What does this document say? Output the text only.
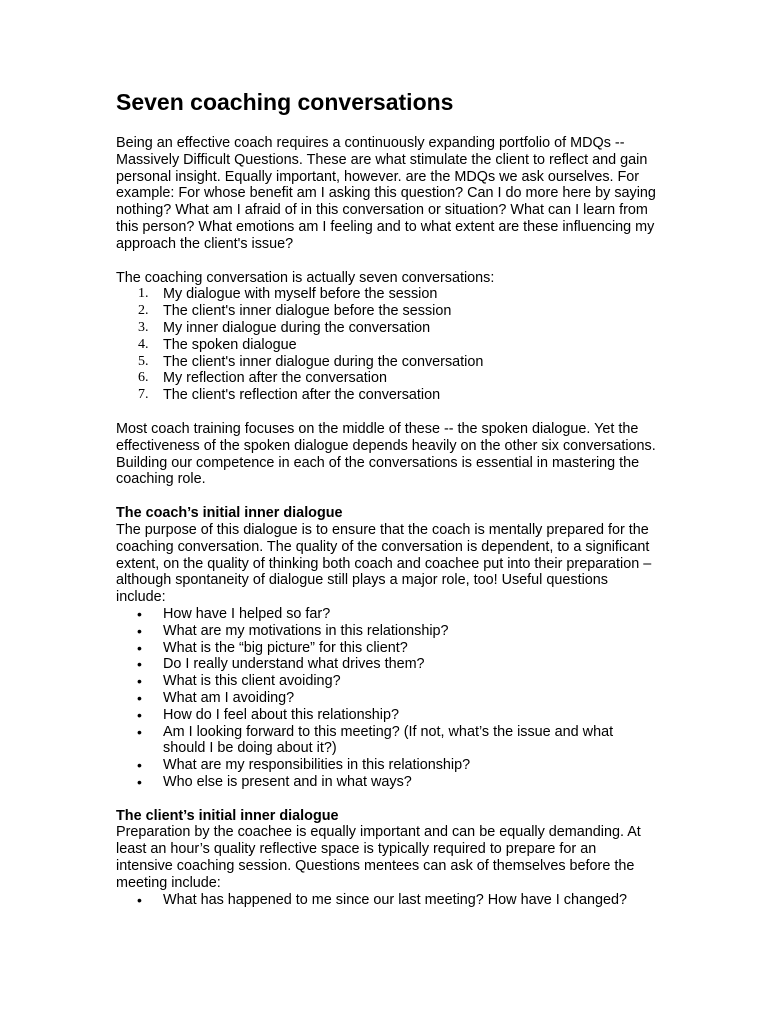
Seven coaching conversations

Being an effective coach requires a continuously expanding portfolio of MDQs -- Massively Difficult Questions. These are what stimulate the client to reflect and gain personal insight. Equally important, however. are the MDQs we ask ourselves. For example: For whose benefit am I asking this question? Can I do more here by saying nothing? What am I afraid of in this conversation or situation? What can I learn from this person? What emotions am I feeling and to what extent are these influencing my approach the client's issue?

The coaching conversation is actually seven conversations:

1. My dialogue with myself before the session
2. The client's inner dialogue before the session
3. My inner dialogue during the conversation
4. The spoken dialogue
5. The client's inner dialogue during the conversation
6. My reflection after the conversation
7. The client's reflection after the conversation

Most coach training focuses on the middle of these -- the spoken dialogue. Yet the effectiveness of the spoken dialogue depends heavily on the other six conversations. Building our competence in each of the conversations is essential in mastering the coaching role.

The coach’s initial inner dialogue

The purpose of this dialogue is to ensure that the coach is mentally prepared for the coaching conversation. The quality of the conversation is dependent, to a significant extent, on the quality of thinking both coach and coachee put into their preparation – although spontaneity of dialogue still plays a major role, too! Useful questions include:

• How have I helped so far?
• What are my motivations in this relationship?
• What is the “big picture” for this client?
• Do I really understand what drives them?
• What is this client avoiding?
• What am I avoiding?
• How do I feel about this relationship?
• Am I looking forward to this meeting? (If not, what’s the issue and what should I be doing about it?)
• What are my responsibilities in this relationship?
• Who else is present and in what ways?
The client’s initial inner dialogue

Preparation by the coachee is equally important and can be equally demanding. At least an hour’s quality reflective space is typically required to prepare for an intensive coaching session. Questions mentees can ask of themselves before the meeting include:

• What has happened to me since our last meeting? How have I changed?
